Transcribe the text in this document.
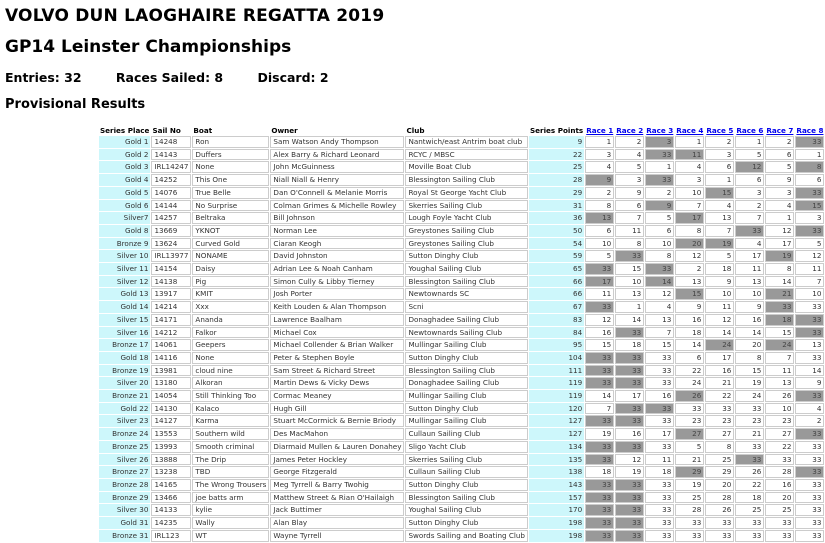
VOLVO DUN LAOGHAIRE REGATTA 2019
GP14 Leinster Championships
Entries: 32	Races Sailed: 8	Discard: 2
Provisional Results
Series Place	Sail No	Boat	Owner	Club	Series Points	Race 1	Race 2	Race 3	Race 4	Race 5	Race 6	Race 7	Race 8
Gold 1	14248	Ron	Sam Watson Andy Thompson	Nantwich/east Antrim boat club	9	1	2	3	1	2	1	2	33
Gold 2	14143	Duffers	Alex Barry & Richard Leonard	RCYC / MBSC	22	3	4	33	11	3	5	6	1
Gold 3	IRL14247	None	John McGuinness	Moville Boat Club	25	4	5	1	4	6	12	5	8
Gold 4	14252	This One	Niall Niall & Henry	Blessington Sailing Club	28	9	3	33	3	1	6	9	6
Gold 5	14076	True Belle	Dan O'Connell & Melanie Morris	Royal St George Yacht Club	29	2	9	2	10	15	3	3	33
Gold 6	14144	No Surprise	Colman Grimes & Michelle Rowley	Skerries Sailing Club	31	8	6	9	7	4	2	4	15
Silver7	14257	Beltraka	Bill Johnson	Lough Foyle Yacht Club	36	13	7	5	17	13	7	1	3
Gold 8	13669	YKNOT	Norman Lee	Greystones Sailing Club	50	6	11	6	8	7	33	12	33
Bronze 9	13624	Curved Gold	Ciaran Keogh	Greystones Sailing Club	54	10	8	10	20	19	4	17	5
Silver 10	IRL13977	NONAME	David Johnston	Sutton Dinghy Club	59	5	33	8	12	5	17	19	12
Silver 11	14154	Daisy	Adrian Lee & Noah Canham	Youghal Sailing Club	65	33	15	33	2	18	11	8	11
Silver 12	14138	Pig	Simon Cully & Libby Tierney	Blessington Sailing Club	66	17	10	14	13	9	13	14	7
Gold 13	13917	KMIT	Josh Porter	Newtownards SC	66	11	13	12	15	10	10	21	10
Gold 14	14214	Xxx	Keith Louden & Alan Thompson	Scni	67	33	1	4	9	11	9	33	33
Silver 15	14171	Ananda	Lawrence Baalham	Donaghadee Sailing Club	83	12	14	13	16	12	16	18	33
Silver 16	14212	Falkor	Michael Cox	Newtownards Sailing Club	84	16	33	7	18	14	14	15	33
Bronze 17	14061	Geepers	Michael Collender & Brian Walker	Mullingar Sailing Club	95	15	18	15	14	24	20	24	13
Gold 18	14116	None	Peter & Stephen Boyle	Sutton Dinghy Club	104	33	33	33	6	17	8	7	33
Bronze 19	13981	cloud nine	Sam Street & Richard Street	Blessington Sailing Club	111	33	33	33	22	16	15	11	14
Silver 20	13180	Alkoran	Martin Dews & Vicky Dews	Donaghadee Sailing Club	119	33	33	33	24	21	19	13	9
Bronze 21	14054	Still Thinking Too	Cormac Meaney	Mullingar Sailing Club	119	14	17	16	26	22	24	26	33
Gold 22	14130	Kalaco	Hugh Gill	Sutton Dinghy Club	120	7	33	33	33	33	33	10	4
Silver 23	14127	Karma	Stuart McCormick & Bernie Briody	Mullingar Sailing Club	127	33	33	33	23	23	23	23	2
Bronze 24	13553	Southern wild	Des MacMahon	Cullaun Sailing Club	127	19	16	17	27	27	21	27	33
Bronze 25	13993	Smooth criminal	Diarmaid Mullen & Lauren Donahey	Sligo Yacht Club	134	33	33	33	5	8	33	22	33
Silver 26	13888	The Drip	James Peter Hockley	Skerries Sailing Club	135	33	12	11	21	25	33	33	33
Bronze 27	13238	TBD	George Fitzgerald	Cullaun Sailing Club	138	18	19	18	29	29	26	28	33
Bronze 28	14165	The Wrong Trousers	Meg Tyrrell & Barry Twohig	Sutton Dinghy Club	143	33	33	33	19	20	22	16	33
Bronze 29	13466	joe batts arm	Matthew Street & Rian O'Hailaigh	Blessington Sailing Club	157	33	33	33	25	28	18	20	33
Silver 30	14133	kylie	Jack Buttimer	Youghal Sailing Club	170	33	33	33	28	26	25	25	33
Gold 31	14235	Wally	Alan Blay	Sutton Dinghy Club	198	33	33	33	33	33	33	33	33
Bronze 31	IRL123	WT	Wayne Tyrrell	Swords Sailing and Boating Club	198	33	33	33	33	33	33	33	33
